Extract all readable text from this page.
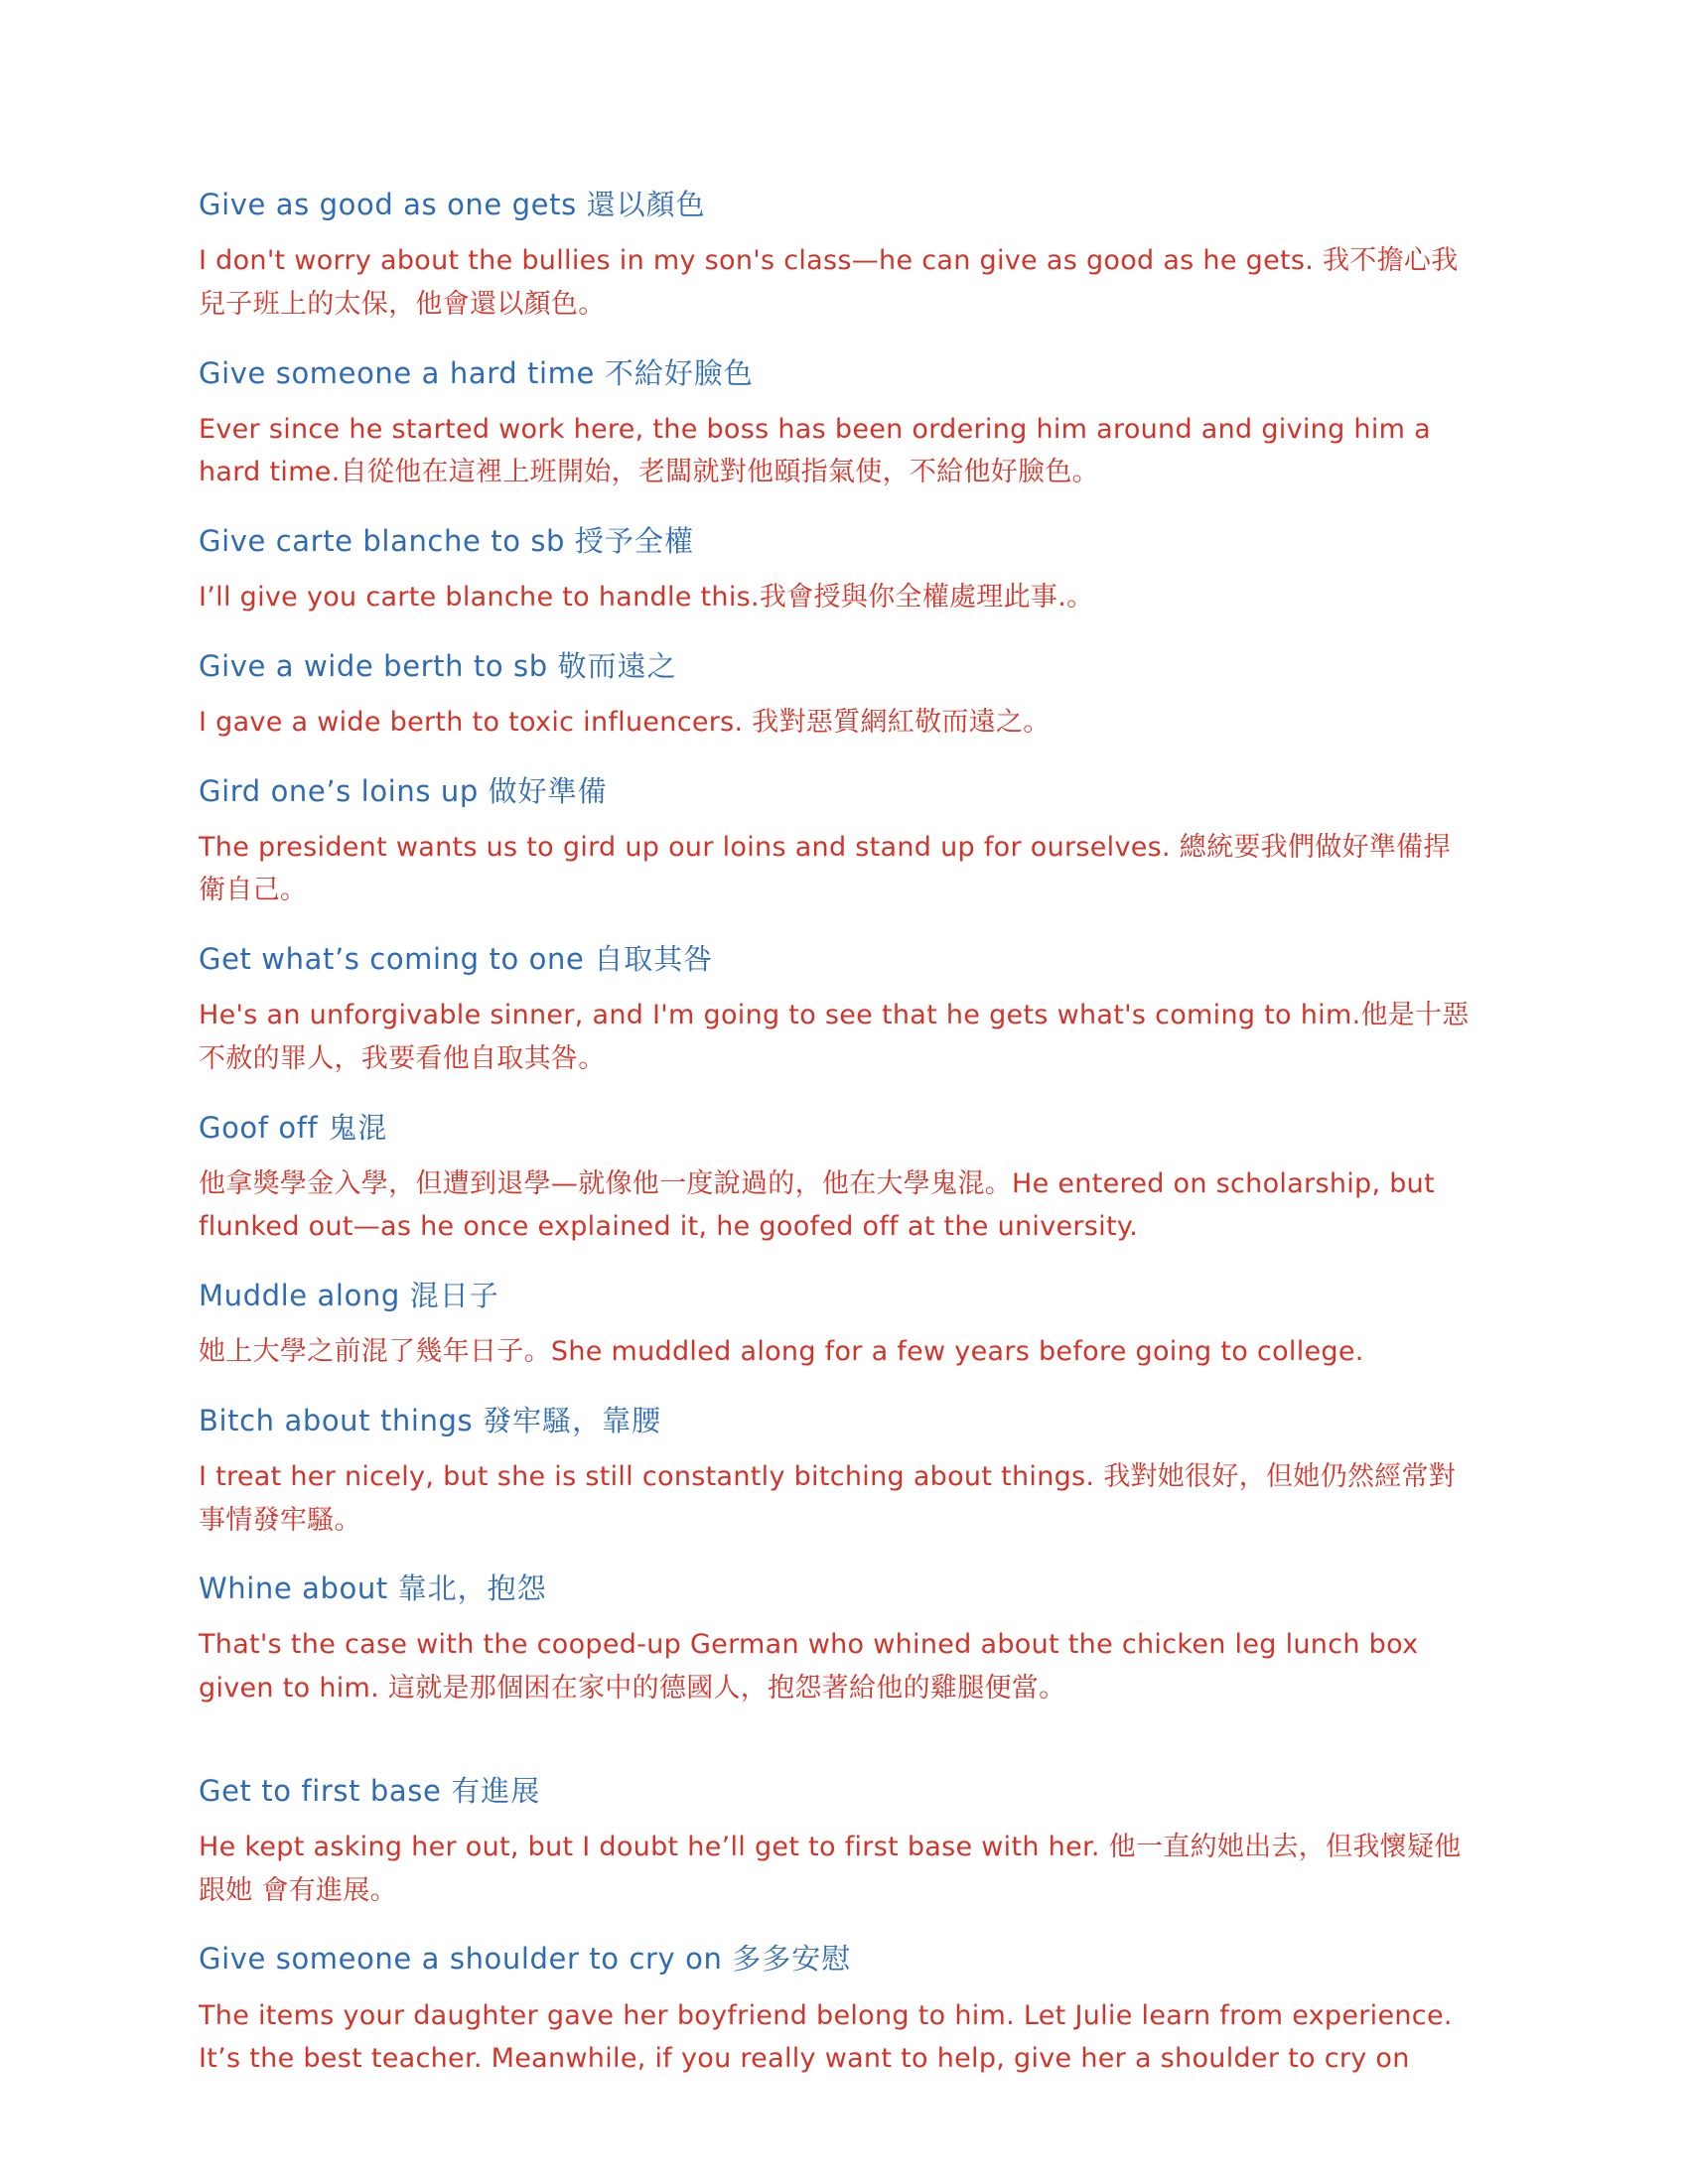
Give as good as one gets 還以顏色
I don't worry about the bullies in my son's class—he can give as good as he gets. 我不擔心我兒子班上的太保，他會還以顏色。
Give someone a hard time 不給好臉色
Ever since he started work here, the boss has been ordering him around and giving him a hard time.自從他在這裡上班開始，老闆就對他頤指氣使，不給他好臉色。
Give carte blanche to sb 授予全權
I’ll give you carte blanche to handle this.我會授與你全權處理此事.。
Give a wide berth to sb 敬而遠之
I gave a wide berth to toxic influencers. 我對惡質網紅敬而遠之。
Gird one’s loins up 做好準備
The president wants us to gird up our loins and stand up for ourselves. 總統要我們做好準備捍衛自己。
Get what’s coming to one 自取其咎
He's an unforgivable sinner, and I'm going to see that he gets what's coming to him.他是十惡不赦的罪人，我要看他自取其咎。
Goof off 鬼混
他拿獎學金入學，但遭到退學—就像他一度說過的，他在大學鬼混。He entered on scholarship, but flunked out—as he once explained it, he goofed off at the university.
Muddle along 混日子
她上大學之前混了幾年日子。She muddled along for a few years before going to college.
Bitch about things 發牢騷，靠腰
I treat her nicely, but she is still constantly bitching about things. 我對她很好，但她仍然經常對事情發牢騷。
Whine about 靠北，抱怨
That's the case with the cooped-up German who whined about the chicken leg lunch box given to him. 這就是那個困在家中的德國人，抱怨著給他的雞腿便當。
Get to first base 有進展
He kept asking her out, but I doubt he’ll get to first base with her. 他一直約她出去，但我懷疑他跟她 會有進展。
Give someone a shoulder to cry on 多多安慰
The items your daughter gave her boyfriend belong to him. Let Julie learn from experience. It’s the best teacher. Meanwhile, if you really want to help, give her a shoulder to cry on
